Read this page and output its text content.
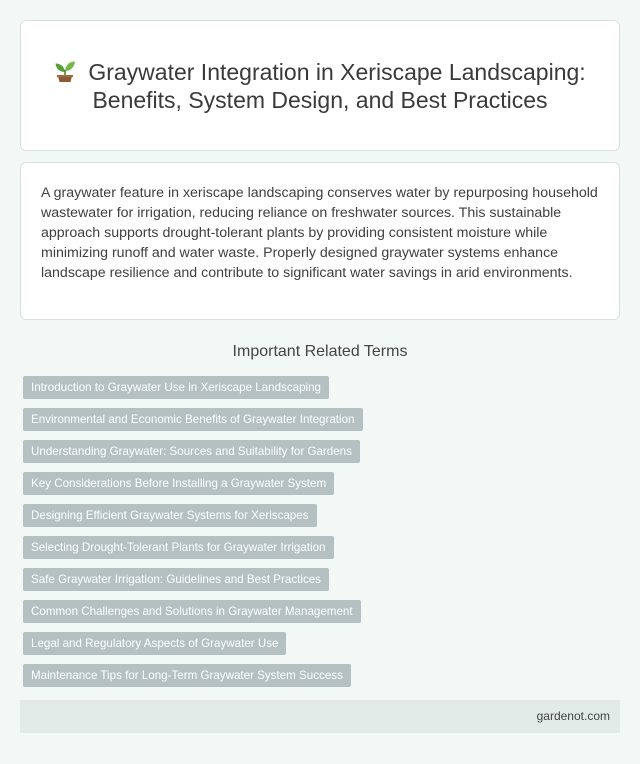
Graywater Integration in Xeriscape Landscaping: Benefits, System Design, and Best Practices

A graywater feature in xeriscape landscaping conserves water by repurposing household wastewater for irrigation, reducing reliance on freshwater sources. This sustainable approach supports drought-tolerant plants by providing consistent moisture while minimizing runoff and water waste. Properly designed graywater systems enhance landscape resilience and contribute to significant water savings in arid environments.

Important Related Terms
Introduction to Graywater Use in Xeriscape Landscaping
Environmental and Economic Benefits of Graywater Integration
Understanding Graywater: Sources and Suitability for Gardens
Key Considerations Before Installing a Graywater System
Designing Efficient Graywater Systems for Xeriscapes
Selecting Drought-Tolerant Plants for Graywater Irrigation
Safe Graywater Irrigation: Guidelines and Best Practices
Common Challenges and Solutions in Graywater Management
Legal and Regulatory Aspects of Graywater Use
Maintenance Tips for Long-Term Graywater System Success
gardenot.com
